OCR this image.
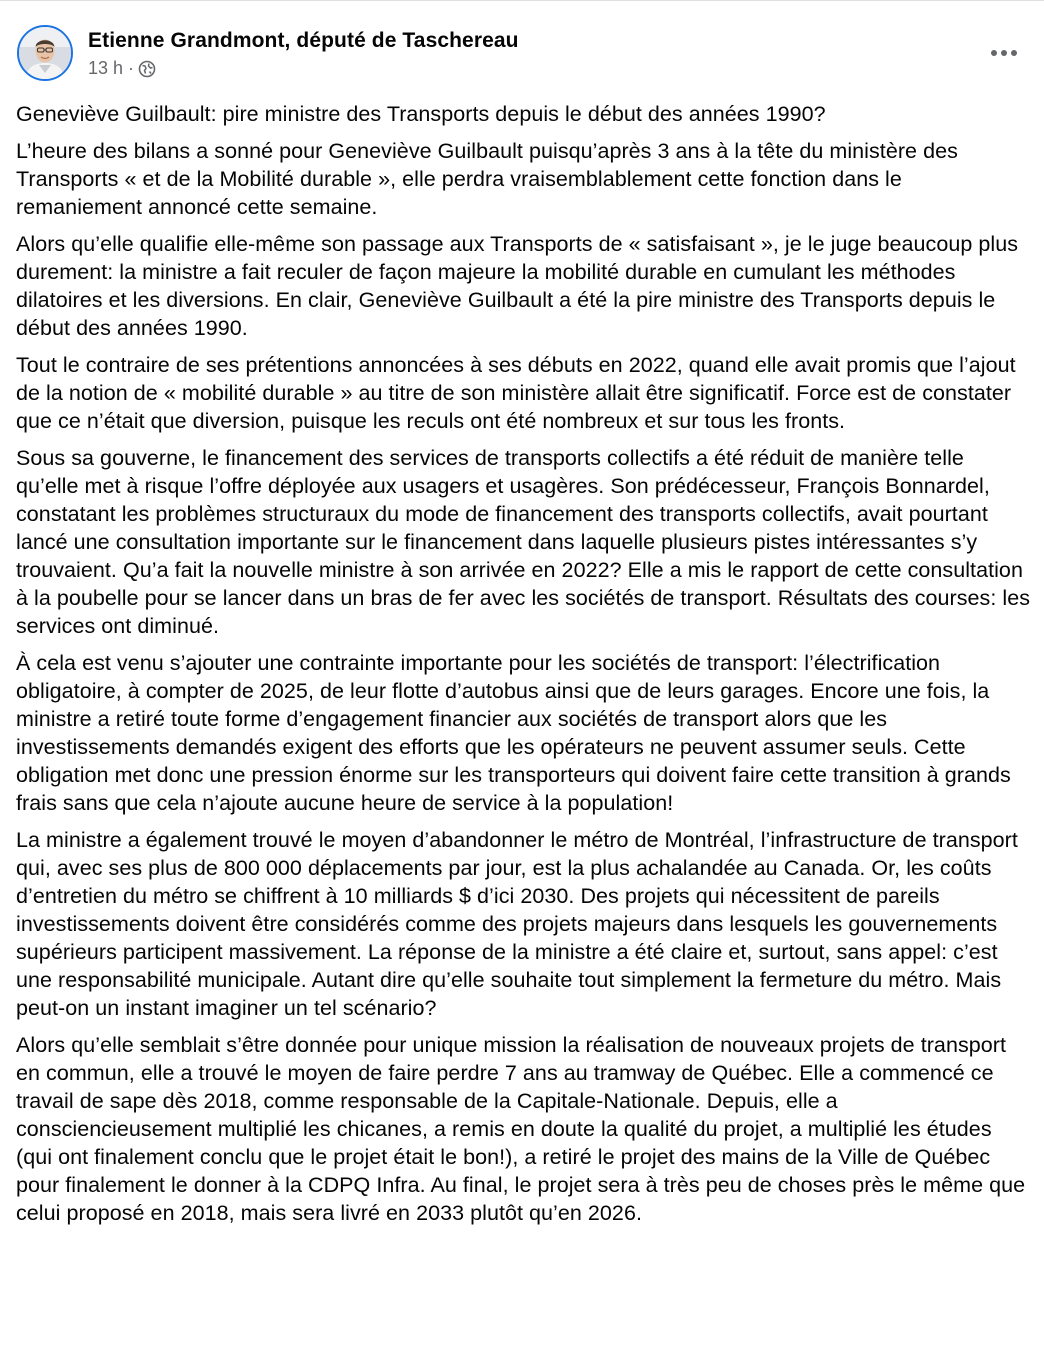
Etienne Grandmont, député de Taschereau
13 h ·

Geneviève Guilbault: pire ministre des Transports depuis le début des années 1990?

L’heure des bilans a sonné pour Geneviève Guilbault puisqu’après 3 ans à la tête du ministère des Transports « et de la Mobilité durable », elle perdra vraisemblablement cette fonction dans le remaniement annoncé cette semaine.

Alors qu’elle qualifie elle-même son passage aux Transports de « satisfaisant », je le juge beaucoup plus durement: la ministre a fait reculer de façon majeure la mobilité durable en cumulant les méthodes dilatoires et les diversions. En clair, Geneviève Guilbault a été la pire ministre des Transports depuis le début des années 1990.

Tout le contraire de ses prétentions annoncées à ses débuts en 2022, quand elle avait promis que l’ajout de la notion de « mobilité durable » au titre de son ministère allait être significatif. Force est de constater que ce n’était que diversion, puisque les reculs ont été nombreux et sur tous les fronts.

Sous sa gouverne, le financement des services de transports collectifs a été réduit de manière telle qu’elle met à risque l’offre déployée aux usagers et usagères. Son prédécesseur, François Bonnardel, constatant les problèmes structuraux du mode de financement des transports collectifs, avait pourtant lancé une consultation importante sur le financement dans laquelle plusieurs pistes intéressantes s’y trouvaient. Qu’a fait la nouvelle ministre à son arrivée en 2022? Elle a mis le rapport de cette consultation à la poubelle pour se lancer dans un bras de fer avec les sociétés de transport. Résultats des courses: les services ont diminué.

À cela est venu s’ajouter une contrainte importante pour les sociétés de transport: l’électrification obligatoire, à compter de 2025, de leur flotte d’autobus ainsi que de leurs garages. Encore une fois, la ministre a retiré toute forme d’engagement financier aux sociétés de transport alors que les investissements demandés exigent des efforts que les opérateurs ne peuvent assumer seuls. Cette obligation met donc une pression énorme sur les transporteurs qui doivent faire cette transition à grands frais sans que cela n’ajoute aucune heure de service à la population!

La ministre a également trouvé le moyen d’abandonner le métro de Montréal, l’infrastructure de transport qui, avec ses plus de 800 000 déplacements par jour, est la plus achalandée au Canada. Or, les coûts d’entretien du métro se chiffrent à 10 milliards $ d’ici 2030. Des projets qui nécessitent de pareils investissements doivent être considérés comme des projets majeurs dans lesquels les gouvernements supérieurs participent massivement. La réponse de la ministre a été claire et, surtout, sans appel: c’est une responsabilité municipale. Autant dire qu’elle souhaite tout simplement la fermeture du métro. Mais peut-on un instant imaginer un tel scénario?

Alors qu’elle semblait s’être donnée pour unique mission la réalisation de nouveaux projets de transport en commun, elle a trouvé le moyen de faire perdre 7 ans au tramway de Québec. Elle a commencé ce travail de sape dès 2018, comme responsable de la Capitale-Nationale. Depuis, elle a consciencieusement multiplié les chicanes, a remis en doute la qualité du projet, a multiplié les études (qui ont finalement conclu que le projet était le bon!), a retiré le projet des mains de la Ville de Québec pour finalement le donner à la CDPQ Infra. Au final, le projet sera à très peu de choses près le même que celui proposé en 2018, mais sera livré en 2033 plutôt qu’en 2026.
